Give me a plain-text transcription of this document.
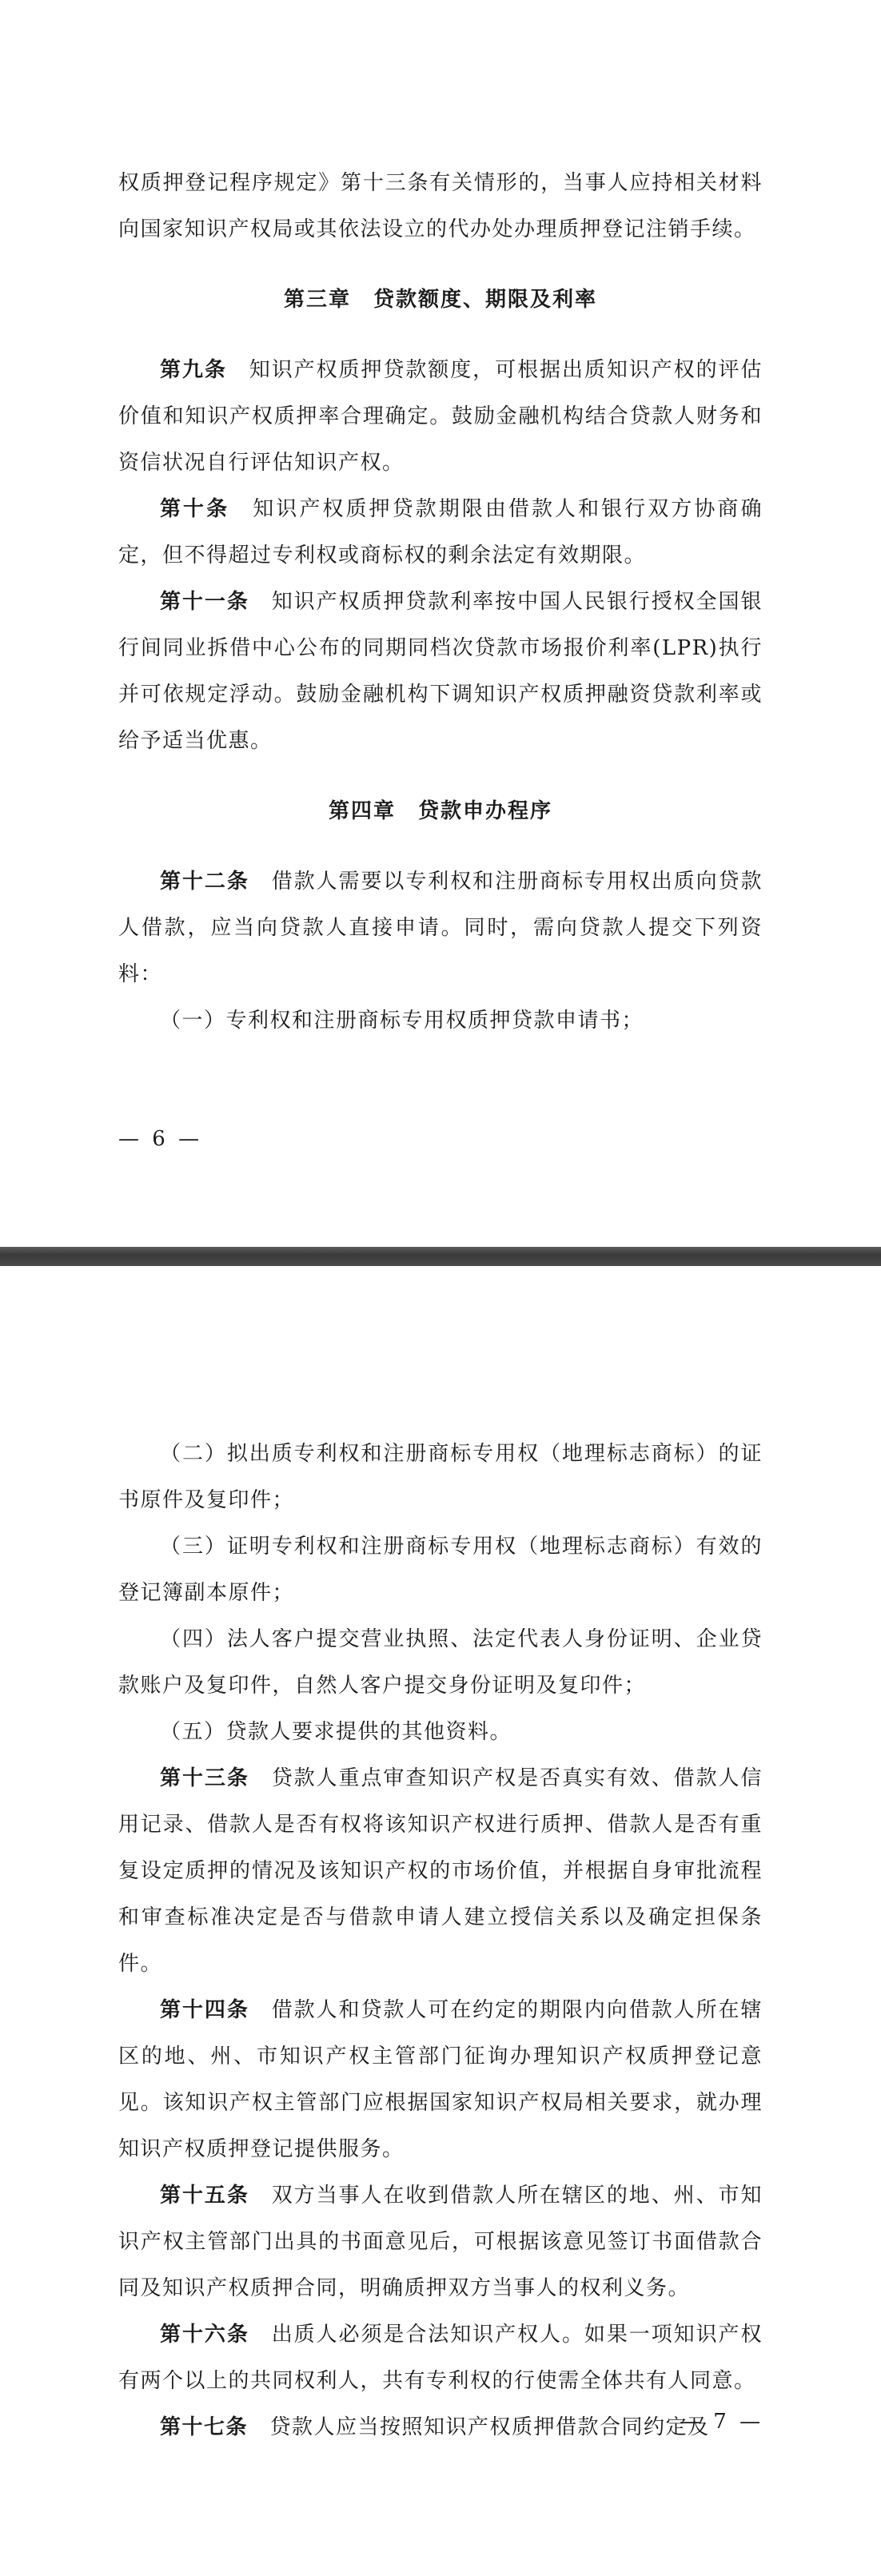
权质押登记程序规定》第十三条有关情形的，当事人应持相关材料向国家知识产权局或其依法设立的代办处办理质押登记注销手续。

第三章　贷款额度、期限及利率

第九条　 知识产权质押贷款额度，可根据出质知识产权的评估价值和知识产权质押率合理确定。鼓励金融机构结合贷款人财务和资信状况自行评估知识产权。

第十条　 知识产权质押贷款期限由借款人和银行双方协商确定，但不得超过专利权或商标权的剩余法定有效期限。

第十一条　 知识产权质押贷款利率按中国人民银行授权全国银行间同业拆借中心公布的同期同档次贷款市场报价利率(LPR)执行并可依规定浮动。鼓励金融机构下调知识产权质押融资贷款利率或给予适当优惠。

第四章　贷款申办程序

第十二条　 借款人需要以专利权和注册商标专用权出质向贷款人借款，应当向贷款人直接申请。同时，需向贷款人提交下列资料：

（一）专利权和注册商标专用权质押贷款申请书；

— 6 —

（二）拟出质专利权和注册商标专用权（地理标志商标）的证书原件及复印件；

（三）证明专利权和注册商标专用权（地理标志商标）有效的登记簿副本原件；

（四）法人客户提交营业执照、法定代表人身份证明、企业贷款账户及复印件，自然人客户提交身份证明及复印件；

（五）贷款人要求提供的其他资料。

第十三条　 贷款人重点审查知识产权是否真实有效、借款人信用记录、借款人是否有权将该知识产权进行质押、借款人是否有重复设定质押的情况及该知识产权的市场价值，并根据自身审批流程和审查标准决定是否与借款申请人建立授信关系以及确定担保条件。

第十四条　 借款人和贷款人可在约定的期限内向借款人所在辖区的地、州、市知识产权主管部门征询办理知识产权质押登记意见。该知识产权主管部门应根据国家知识产权局相关要求，就办理知识产权质押登记提供服务。

第十五条　 双方当事人在收到借款人所在辖区的地、州、市知识产权主管部门出具的书面意见后，可根据该意见签订书面借款合同及知识产权质押合同，明确质押双方当事人的权利义务。

第十六条　 出质人必须是合法知识产权人。如果一项知识产权有两个以上的共同权利人，共有专利权的行使需全体共有人同意。

第十七条　 贷款人应当按照知识产权质押借款合同约定及

— 7 —
